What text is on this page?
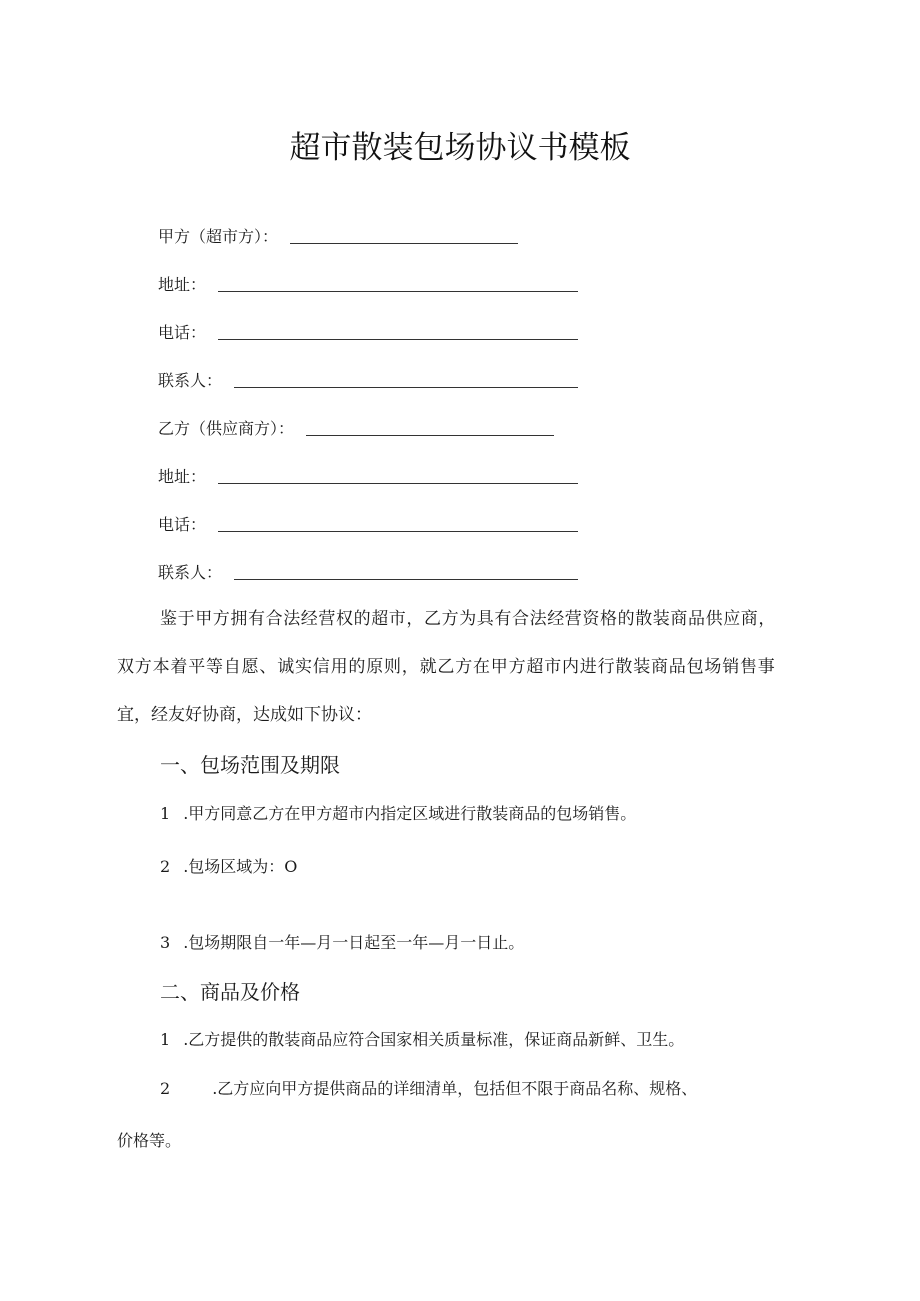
超市散装包场协议书模板
甲方（超市方）：
地址：
电话：
联系人：
乙方（供应商方）：
地址：
电话：
联系人：
鉴于甲方拥有合法经营权的超市，乙方为具有合法经营资格的散装商品供应商，
双方本着平等自愿、诚实信用的原则，就乙方在甲方超市内进行散装商品包场销售事
宜，经友好协商，达成如下协议：
一、包场范围及期限
1 .甲方同意乙方在甲方超市内指定区域进行散装商品的包场销售。
2 .包场区域为：O
3 .包场期限自一年—月一日起至一年—月一日止。
二、商品及价格
1 .乙方提供的散装商品应符合国家相关质量标准，保证商品新鲜、卫生。
2	.乙方应向甲方提供商品的详细清单，包括但不限于商品名称、规格、
价格等。
